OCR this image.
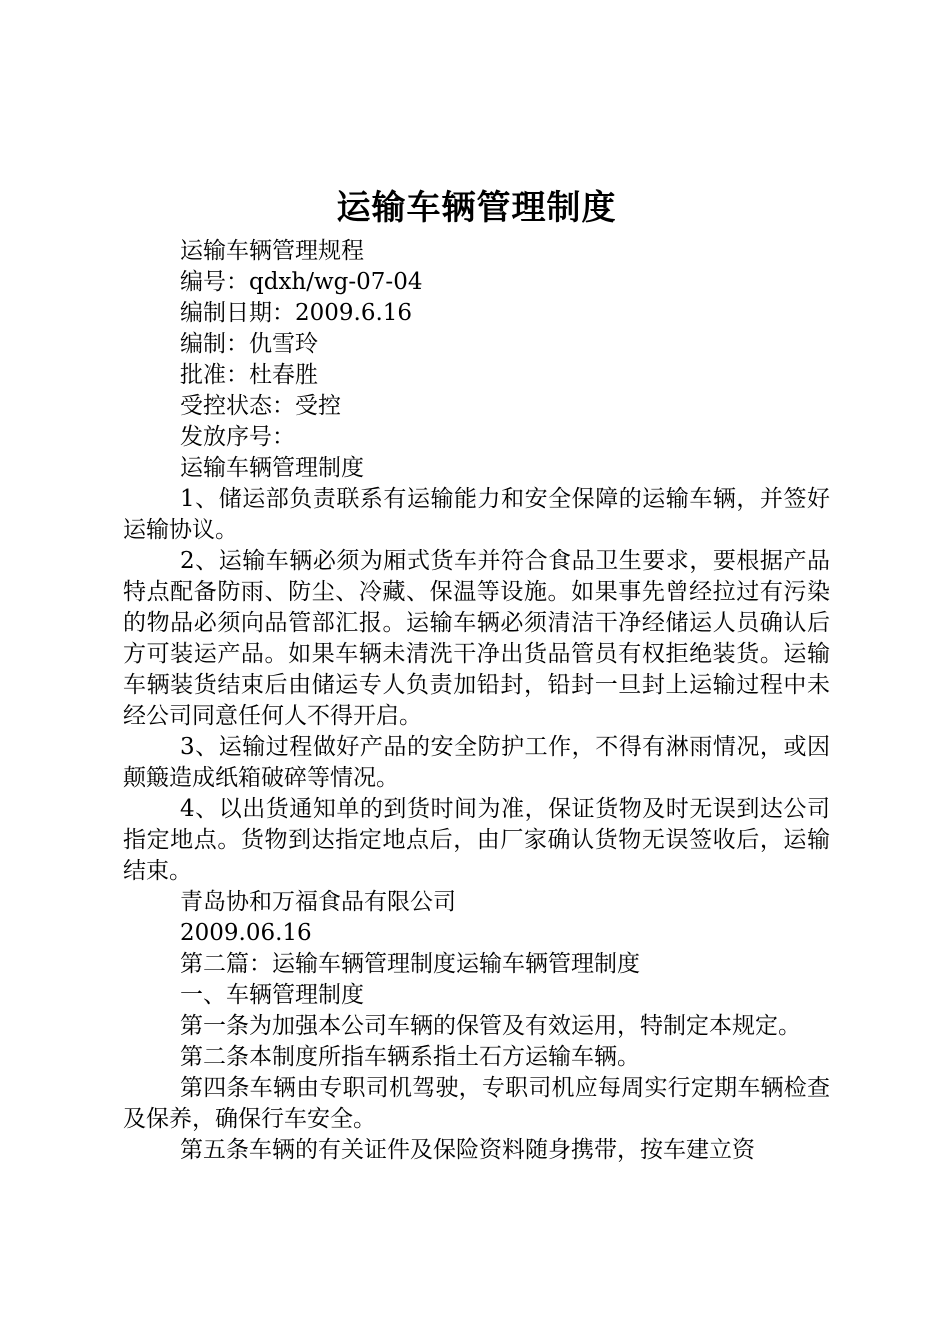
运输车辆管理制度

运输车辆管理规程

编号：qdxh/wg-07-04

编制日期：2009.6.16

编制：仇雪玲

批准：杜春胜

受控状态：受控

发放序号：

运输车辆管理制度

1、储运部负责联系有运输能力和安全保障的运输车辆，并签好运输协议。

2、运输车辆必须为厢式货车并符合食品卫生要求，要根据产品特点配备防雨、防尘、冷藏、保温等设施。如果事先曾经拉过有污染的物品必须向品管部汇报。运输车辆必须清洁干净经储运人员确认后方可装运产品。如果车辆未清洗干净出货品管员有权拒绝装货。运输车辆装货结束后由储运专人负责加铅封，铅封一旦封上运输过程中未经公司同意任何人不得开启。

3、运输过程做好产品的安全防护工作，不得有淋雨情况，或因颠簸造成纸箱破碎等情况。

4、以出货通知单的到货时间为准，保证货物及时无误到达公司指定地点。货物到达指定地点后，由厂家确认货物无误签收后，运输结束。

青岛协和万福食品有限公司

2009.06.16

第二篇：运输车辆管理制度运输车辆管理制度

一、车辆管理制度

第一条为加强本公司车辆的保管及有效运用，特制定本规定。

第二条本制度所指车辆系指土石方运输车辆。

第四条车辆由专职司机驾驶，专职司机应每周实行定期车辆检查及保养，确保行车安全。

第五条车辆的有关证件及保险资料随身携带，按车建立资
